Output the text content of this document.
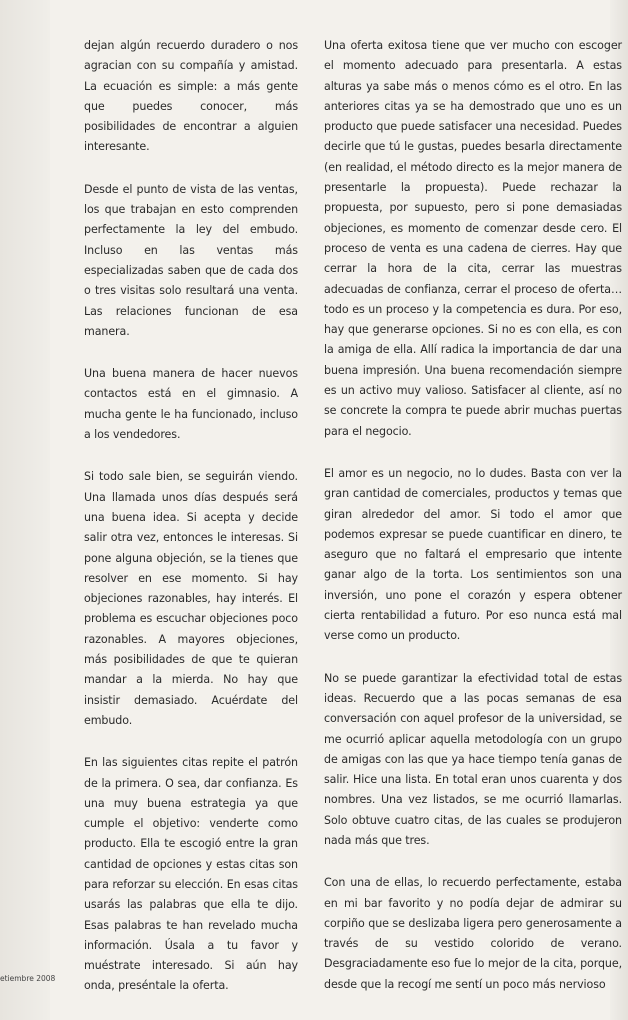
dejan algún recuerdo duradero o nos agracian con su compañía y amistad. La ecuación es simple: a más gente que puedes conocer, más posibilidades de encontrar a alguien interesante.

Desde el punto de vista de las ventas, los que trabajan en esto comprenden perfectamente la ley del embudo. Incluso en las ventas más especializadas saben que de cada dos o tres visitas solo resultará una venta. Las relaciones funcionan de esa manera.

Una buena manera de hacer nuevos contactos está en el gimnasio. A mucha gente le ha funcionado, incluso a los vendedores.

Si todo sale bien, se seguirán viendo. Una llamada unos días después será una buena idea. Si acepta y decide salir otra vez, entonces le interesas. Si pone alguna objeción, se la tienes que resolver en ese momento. Si hay objeciones razonables, hay interés. El problema es escuchar objeciones poco razonables. A mayores objeciones, más posibilidades de que te quieran mandar a la mierda. No hay que insistir demasiado. Acuérdate del embudo.

En las siguientes citas repite el patrón de la primera. O sea, dar confianza. Es una muy buena estrategia ya que cumple el objetivo: venderte como producto. Ella te escogió entre la gran cantidad de opciones y estas citas son para reforzar su elección. En esas citas usarás las palabras que ella te dijo. Esas palabras te han revelado mucha información. Úsala a tu favor y muéstrate interesado. Si aún hay onda, preséntale la oferta.

Una oferta exitosa tiene que ver mucho con escoger el momento adecuado para presentarla. A estas alturas ya sabe más o menos cómo es el otro. En las anteriores citas ya se ha demostrado que uno es un producto que puede satisfacer una necesidad. Puedes decirle que tú le gustas, puedes besarla directamente (en realidad, el método directo es la mejor manera de presentarle la propuesta). Puede rechazar la propuesta, por supuesto, pero si pone demasiadas objeciones, es momento de comenzar desde cero. El proceso de venta es una cadena de cierres. Hay que cerrar la hora de la cita, cerrar las muestras adecuadas de confianza, cerrar el proceso de oferta… todo es un proceso y la competencia es dura. Por eso, hay que generarse opciones. Si no es con ella, es con la amiga de ella. Allí radica la importancia de dar una buena impresión. Una buena recomendación siempre es un activo muy valioso. Satisfacer al cliente, así no se concrete la compra te puede abrir muchas puertas para el negocio.

El amor es un negocio, no lo dudes. Basta con ver la gran cantidad de comerciales, productos y temas que giran alrededor del amor. Si todo el amor que podemos expresar se puede cuantificar en dinero, te aseguro que no faltará el empresario que intente ganar algo de la torta. Los sentimientos son una inversión, uno pone el corazón y espera obtener cierta rentabilidad a futuro. Por eso nunca está mal verse como un producto.

No se puede garantizar la efectividad total de estas ideas. Recuerdo que a las pocas semanas de esa conversación con aquel profesor de la universidad, se me ocurrió aplicar aquella metodología con un grupo de amigas con las que ya hace tiempo tenía ganas de salir. Hice una lista. En total eran unos cuarenta y dos nombres. Una vez listados, se me ocurrió llamarlas. Solo obtuve cuatro citas, de las cuales se produjeron nada más que tres.

Con una de ellas, lo recuerdo perfectamente, estaba en mi bar favorito y no podía dejar de admirar su corpiño que se deslizaba ligera pero generosamente a través de su vestido colorido de verano. Desgraciadamente eso fue lo mejor de la cita, porque, desde que la recogí me sentí un poco más nervioso

etiembre 2008
